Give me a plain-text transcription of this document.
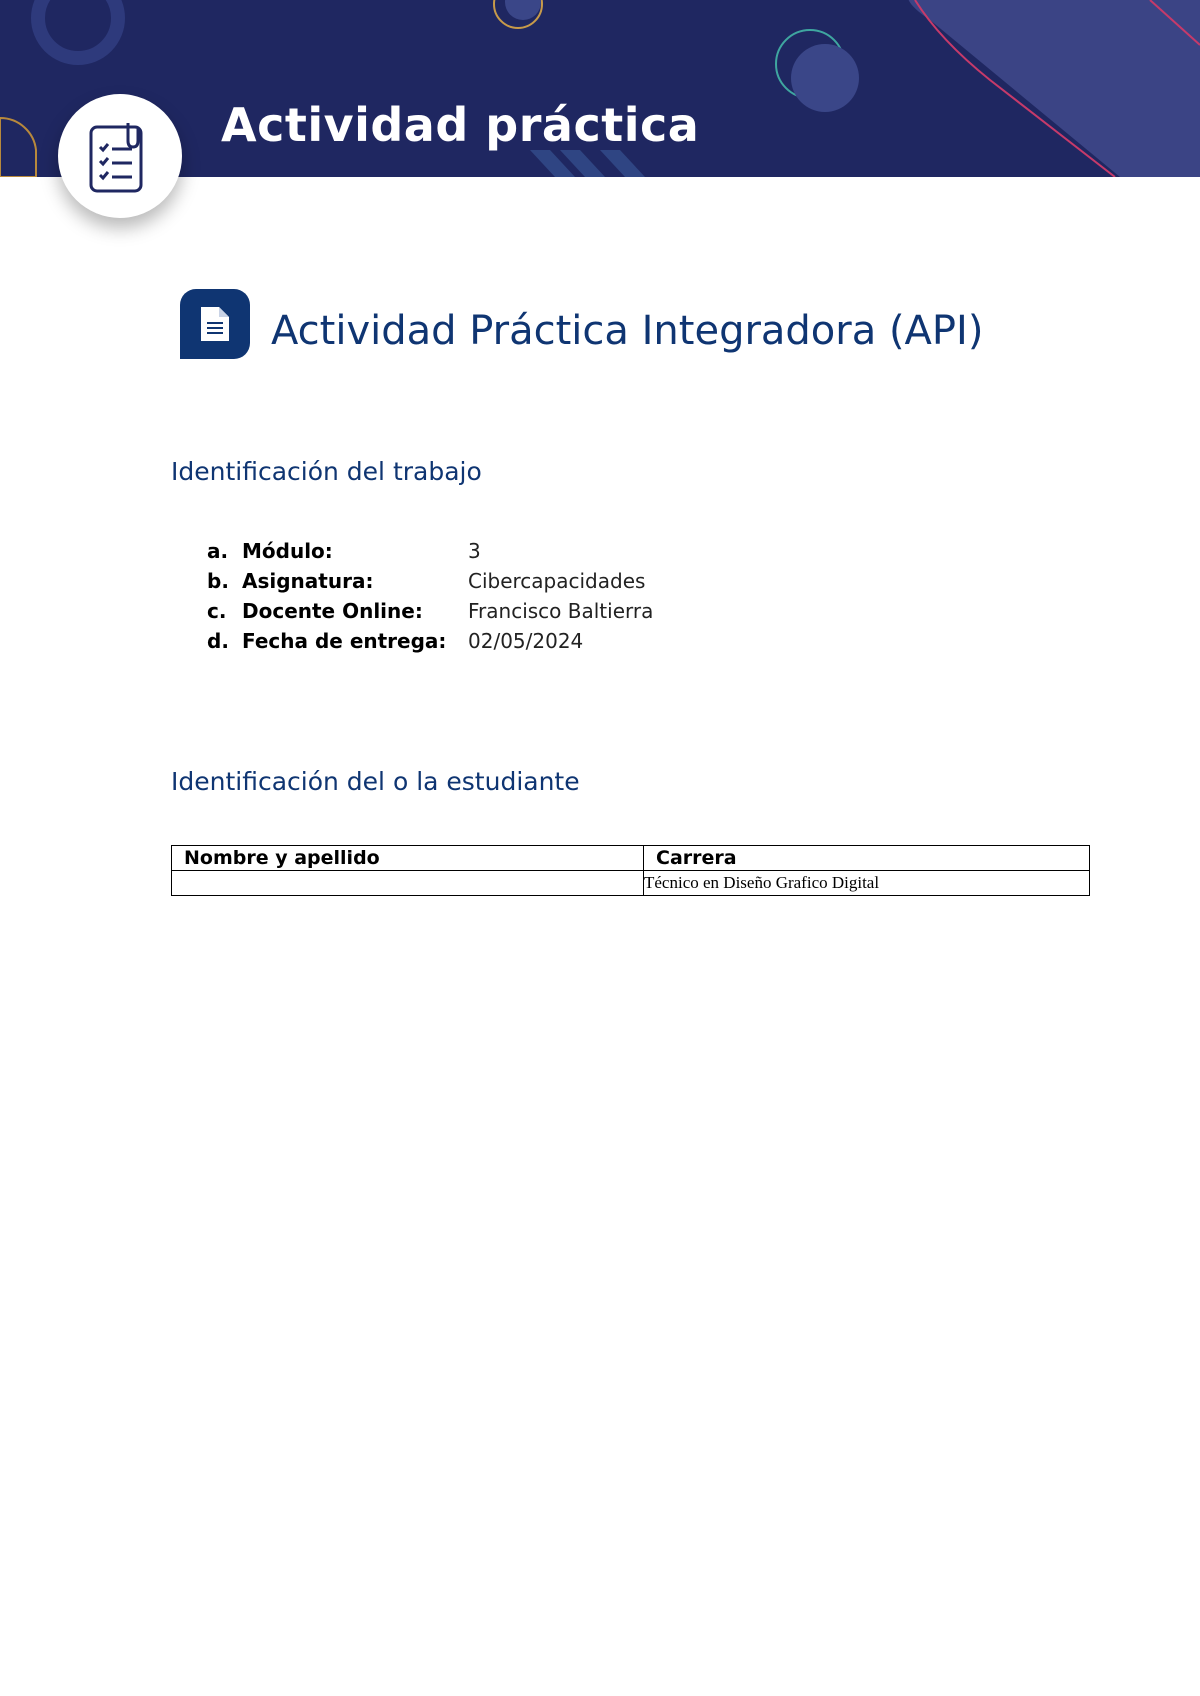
Actividad práctica
Actividad Práctica Integradora (API)
Identificación del trabajo
a. Módulo:	3
b. Asignatura:	Cibercapacidades
c. Docente Online: Francisco Baltierra
d. Fecha de entrega: 02/05/2024
Identificación del o la estudiante
Nombre y apellido	Carrera
	Técnico en Diseño Grafico Digital
